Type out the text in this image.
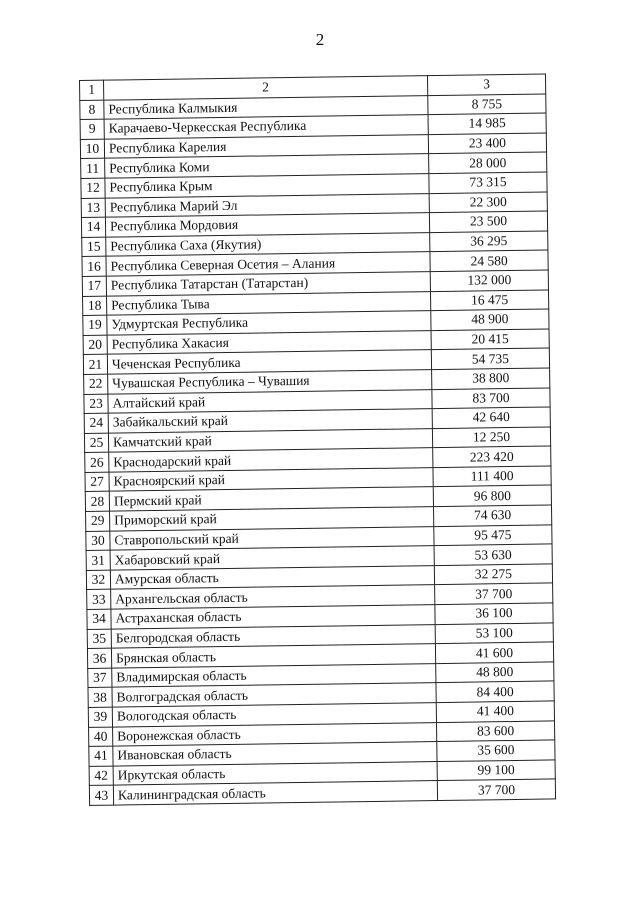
2
1	2	3
8	Республика Калмыкия	8 755
9	Карачаево-Черкесская Республика	14 985
10	Республика Карелия	23 400
11	Республика Коми	28 000
12	Республика Крым	73 315
13	Республика Марий Эл	22 300
14	Республика Мордовия	23 500
15	Республика Саха (Якутия)	36 295
16	Республика Северная Осетия – Алания	24 580
17	Республика Татарстан (Татарстан)	132 000
18	Республика Тыва	16 475
19	Удмуртская Республика	48 900
20	Республика Хакасия	20 415
21	Чеченская Республика	54 735
22	Чувашская Республика – Чувашия	38 800
23	Алтайский край	83 700
24	Забайкальский край	42 640
25	Камчатский край	12 250
26	Краснодарский край	223 420
27	Красноярский край	111 400
28	Пермский край	96 800
29	Приморский край	74 630
30	Ставропольский край	95 475
31	Хабаровский край	53 630
32	Амурская область	32 275
33	Архангельская область	37 700
34	Астраханская область	36 100
35	Белгородская область	53 100
36	Брянская область	41 600
37	Владимирская область	48 800
38	Волгоградская область	84 400
39	Вологодская область	41 400
40	Воронежская область	83 600
41	Ивановская область	35 600
42	Иркутская область	99 100
43	Калининградская область	37 700
